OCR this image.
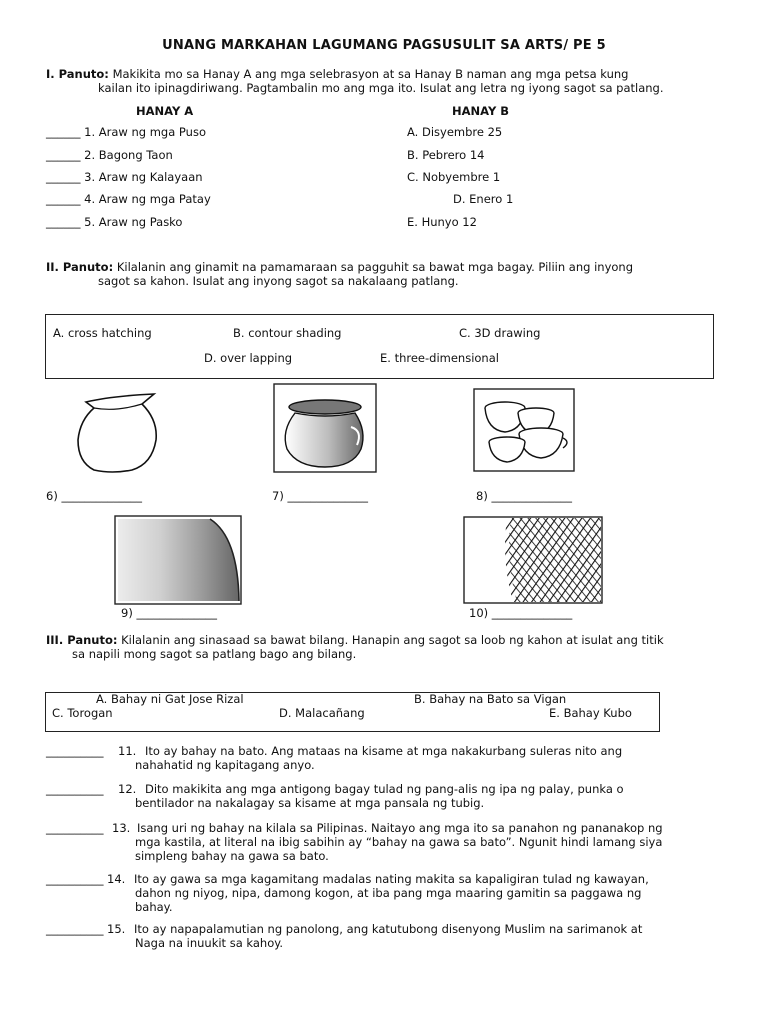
UNANG MARKAHAN LAGUMANG PAGSUSULIT SA ARTS/ PE 5
I. Panuto: Makikita mo sa Hanay A ang mga selebrasyon at sa Hanay B naman ang mga petsa kung
kailan ito ipinagdiriwang. Pagtambalin mo ang mga ito. Isulat ang letra ng iyong sagot sa patlang.
HANAY A	HANAY B
______ 1. Araw ng mga Puso
______ 2. Bagong Taon
______ 3. Araw ng Kalayaan
______ 4. Araw ng mga Patay
______ 5. Araw ng Pasko
A. Disyembre 25
B. Pebrero 14
C. Nobyembre 1
D. Enero 1
E. Hunyo 12
II. Panuto: Kilalanin ang ginamit na pamamaraan sa pagguhit sa bawat mga bagay. Piliin ang inyong
sagot sa kahon. Isulat ang inyong sagot sa nakalaang patlang.
A. cross hatching	B. contour shading	C. 3D drawing
D. over lapping	E. three-dimensional
6) ______________	7) ______________	8) ______________
9) ______________	10) ______________
III. Panuto: Kilalanin ang sinasaad sa bawat bilang. Hanapin ang sagot sa loob ng kahon at isulat ang titik
sa napili mong sagot sa patlang bago ang bilang.
A. Bahay ni Gat Jose Rizal	B. Bahay na Bato sa Vigan
C. Torogan	D. Malacañang	E. Bahay Kubo
__________ 11. Ito ay bahay na bato. Ang mataas na kisame at mga nakakurbang suleras nito ang
nahahatid ng kapitagang anyo.
__________ 12. Dito makikita ang mga antigong bagay tulad ng pang-alis ng ipa ng palay, punka o
bentilador na nakalagay sa kisame at mga pansala ng tubig.
__________ 13. Isang uri ng bahay na kilala sa Pilipinas. Naitayo ang mga ito sa panahon ng pananakop ng
mga kastila, at literal na ibig sabihin ay “bahay na gawa sa bato”. Ngunit hindi lamang siya
simpleng bahay na gawa sa bato.
__________ 14. Ito ay gawa sa mga kagamitang madalas nating makita sa kapaligiran tulad ng kawayan,
dahon ng niyog, nipa, damong kogon, at iba pang mga maaring gamitin sa paggawa ng
bahay.
__________ 15. Ito ay napapalamutian ng panolong, ang katutubong disenyong Muslim na sarimanok at
Naga na inuukit sa kahoy.
